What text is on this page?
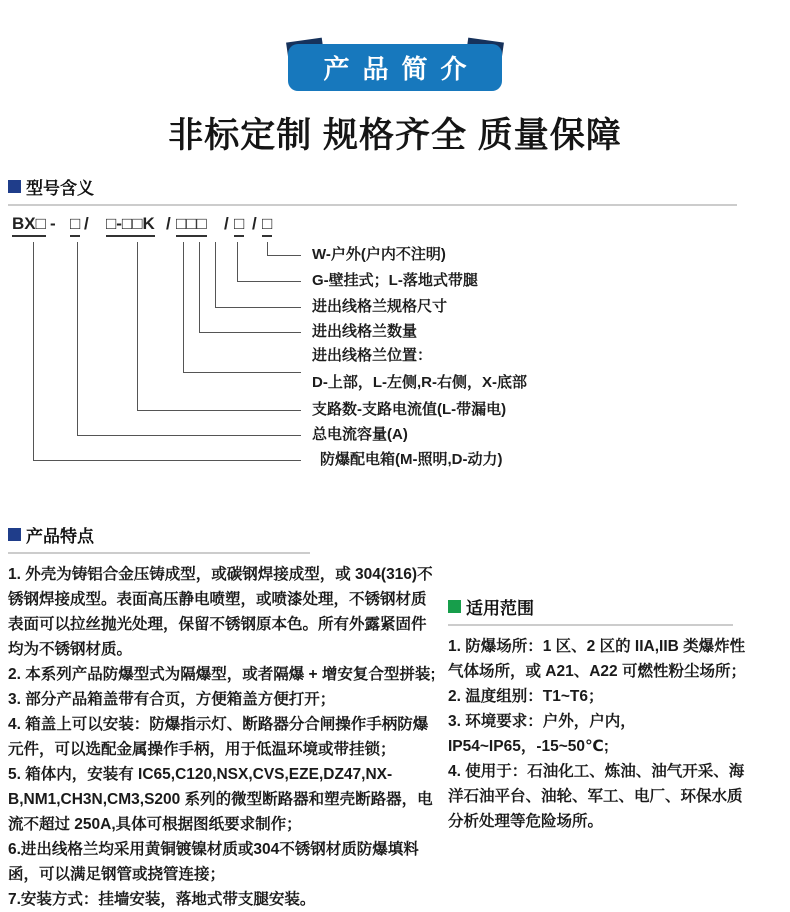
产品简介
非标定制 规格齐全 质量保障
型号含义
BX□ - □ / □-□□K / □□□ / □ / □
W-户外(户内不注明)
G-壁挂式；L-落地式带腿
进出线格兰规格尺寸
进出线格兰数量
进出线格兰位置：
D-上部，L-左侧,R-右侧，X-底部
支路数-支路电流值(L-带漏电)
总电流容量(A)
防爆配电箱(M-照明,D-动力)
产品特点

1. 外壳为铸铝合金压铸成型，或碳钢焊接成型，或 304(316)不锈钢焊接成型。表面高压静电喷塑，或喷漆处理，不锈钢材质表面可以拉丝抛光处理，保留不锈钢原本色。所有外露紧固件均为不锈钢材质。

2. 本系列产品防爆型式为隔爆型，或者隔爆 + 增安复合型拼装;

3. 部分产品箱盖带有合页，方便箱盖方便打开；

4. 箱盖上可以安装：防爆指示灯、断路器分合闸操作手柄防爆元件，可以选配金属操作手柄，用于低温环境或带挂锁；

5. 箱体内，安装有 IC65,C120,NSX,CVS,EZE,DZ47,NX-B,NM1,CH3N,CM3,S200 系列的微型断路器和塑壳断路器，电流不超过 250A,具体可根据图纸要求制作；

6.进出线格兰均采用黄铜镀镍材质或304不锈钢材质防爆填料函，可以满足钢管或挠管连接；

7.安装方式：挂墙安装，落地式带支腿安装。

适用范围

1. 防爆场所：1 区、2 区的 IIA,IIB 类爆炸性气体场所，或 A21、A22 可燃性粉尘场所；

2. 温度组别：T1~T6；

3. 环境要求：户外，户内，IP54~IP65，-15~50℃;

4. 使用于：石油化工、炼油、油气开采、海洋石油平台、油轮、军工、电厂、环保水质分析处理等危险场所。
